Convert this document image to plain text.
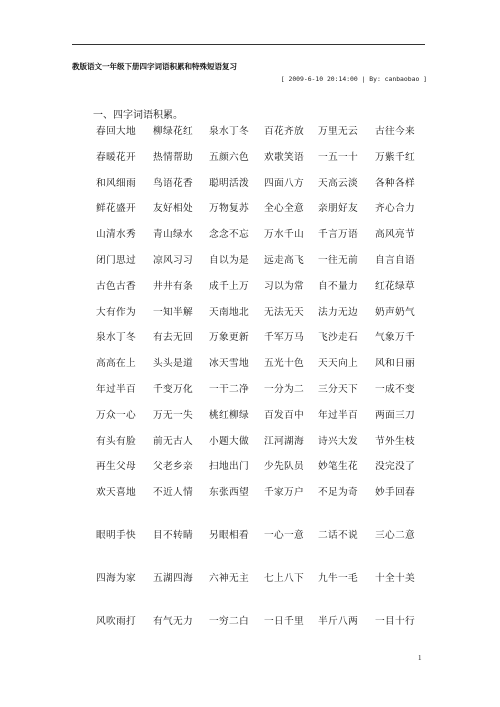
教版语文一年级下册四字词语积累和特殊短语复习
[ 2009-6-10 20:14:00 | By: canbaobao ]
一、四字词语积累。
春回大地	柳绿花红	泉水丁冬	百花齐放	万里无云	古往今来
春暖花开	热情帮助	五颜六色	欢歌笑语	一五一十	万紫千红
和风细雨	鸟语花香	聪明活泼	四面八方	天高云淡	各种各样
鲜花盛开	友好相处	万物复苏	全心全意	亲朋好友	齐心合力
山清水秀	青山绿水	念念不忘	万水千山	千言万语	高风亮节
闭门思过	凉风习习	自以为是	远走高飞	一往无前	自言自语
古色古香	井井有条	成千上万	习以为常	自不量力	红花绿草
大有作为	一知半解	天南地北	无法无天	法力无边	奶声奶气
泉水丁冬	有去无回	万象更新	千军万马	飞沙走石	气象万千
高高在上	头头是道	冰天雪地	五光十色	天天向上	风和日丽
年过半百	千变万化	一干二净	一分为二	三分天下	一成不变
万众一心	万无一失	桃红柳绿	百发百中	年过半百	两面三刀
有头有脸	前无古人	小题大做	江河湖海	诗兴大发	节外生枝
再生父母	父老乡亲	扫地出门	少先队员	妙笔生花	没完没了
欢天喜地	不近人情	东张西望	千家万户	不足为奇	妙手回春
眼明手快	目不转睛	另眼相看	一心一意	二话不说	三心二意
四海为家	五湖四海	六神无主	七上八下	九牛一毛	十全十美
风吹雨打	有气无力	一穷二白	一日千里	半斤八两	一目十行
1
